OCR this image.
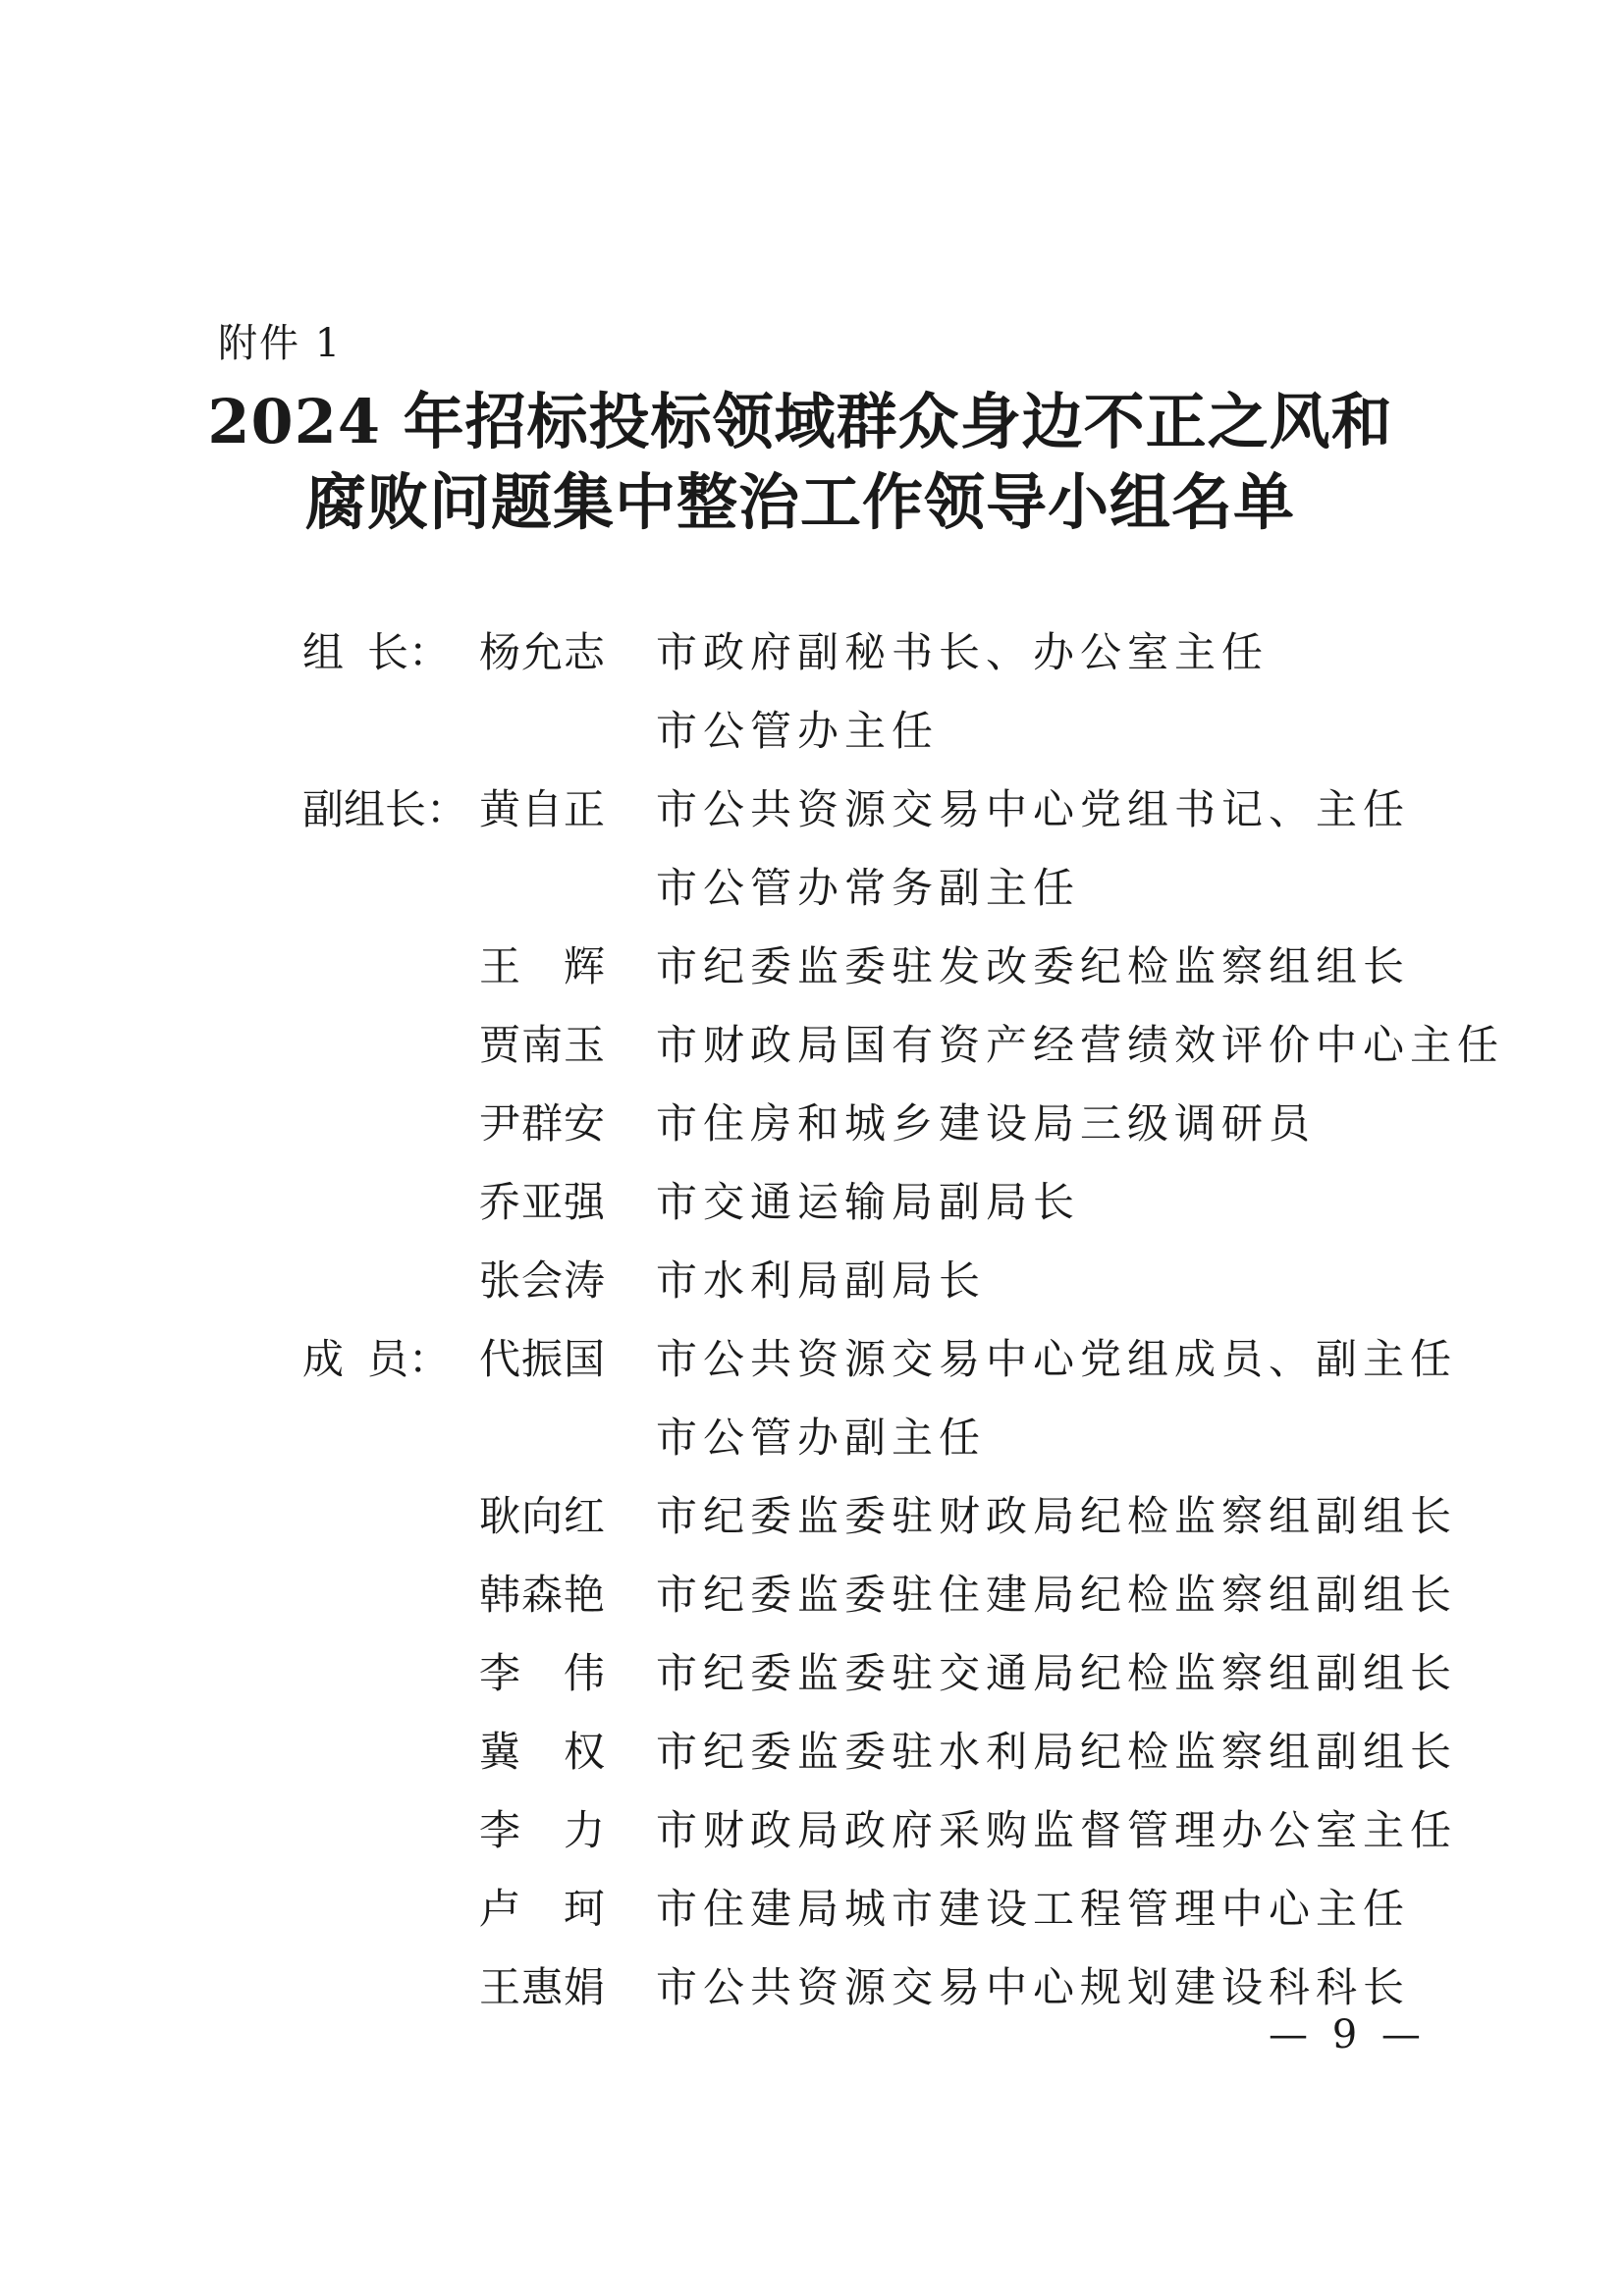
附件 1
2024 年招标投标领域群众身边不正之风和
腐败问题集中整治工作领导小组名单
组 长： 杨 允 志 市政府副秘书长、办公室主任
市公管办主任
副 组 长： 黄 自 正 市公共资源交易中心党组书记、主任
市公管办常务副主任
王 辉 市纪委监委驻发改委纪检监察组组长
贾 南 玉 市财政局国有资产经营绩效评价中心主任
尹 群 安 市住房和城乡建设局三级调研员
乔 亚 强 市交通运输局副局长
张 会 涛 市水利局副局长
成 员： 代 振 国 市公共资源交易中心党组成员、副主任
市公管办副主任
耿 向 红 市纪委监委驻财政局纪检监察组副组长
韩 森 艳 市纪委监委驻住建局纪检监察组副组长
李 伟 市纪委监委驻交通局纪检监察组副组长
冀 权 市纪委监委驻水利局纪检监察组副组长
李 力 市财政局政府采购监督管理办公室主任
卢 珂 市住建局城市建设工程管理中心主任
王 惠 娟 市公共资源交易中心规划建设科科长
— 9 —
